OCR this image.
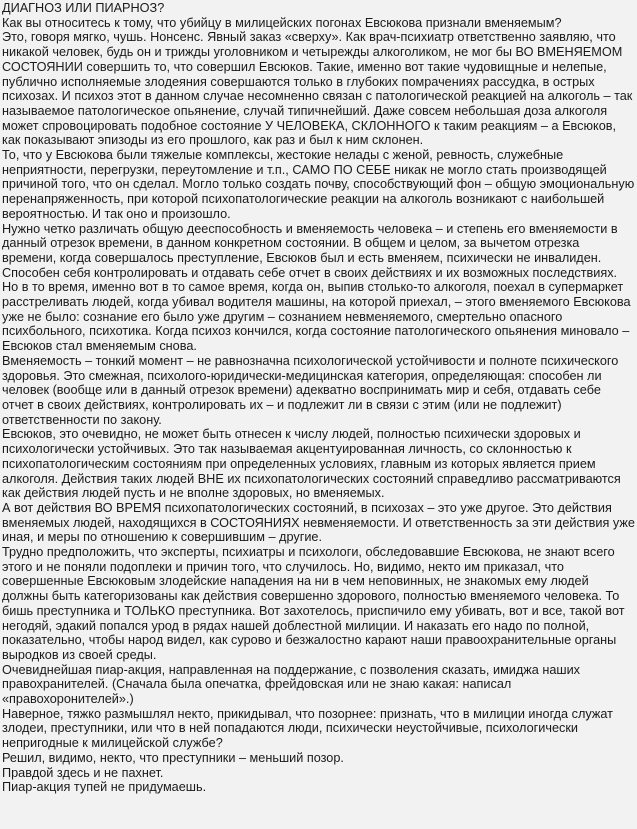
ДИАГНОЗ ИЛИ ПИАРНОЗ?

Как вы относитесь к тому, что убийцу в милицейских погонах Евсюкова признали вменяемым?

Это, говоря мягко, чушь. Нонсенс. Явный заказ «сверху». Как врач-психиатр ответственно заявляю, что никакой человек, будь он и трижды уголовником и четырежды алкоголиком, не мог бы ВО ВМЕНЯЕМОМ СОСТОЯНИИ совершить то, что совершил Евсюков. Такие, именно вот такие чудовищные и нелепые, публично исполняемые злодеяния совершаются только в глубоких помрачениях рассудка, в острых психозах. И психоз этот в данном случае несомненно связан с патологической реакцией на алкоголь – так называемое патологическое опьянение, случай типичнейший. Даже совсем небольшая доза алкоголя может спровоцировать подобное состояние У ЧЕЛОВЕКА, СКЛОННОГО к таким реакциям – а Евсюков, как показывают эпизоды из его прошлого, как раз и был к ним склонен.

То, что у Евсюкова были тяжелые комплексы, жестокие нелады с женой, ревность, служебные неприятности, перегрузки, переутомление и т.п., САМО ПО СЕБЕ никак не могло стать производящей причиной того, что он сделал. Могло только создать почву, способствующий фон – общую эмоциональную перенапряженность, при которой психопатологические реакции на алкоголь возникают с наибольшей вероятностью. И так оно и произошло.

Нужно четко различать общую дееспособность и вменяемость человека – и степень его вменяемости в данный отрезок времени, в данном конкретном состоянии. В общем и целом, за вычетом отрезка времени, когда совершалось преступление, Евсюков был и есть вменяем, психически не инвалиден. Способен себя контролировать и отдавать себе отчет в своих действиях и их возможных последствиях. Но в то время, именно вот в то самое время, когда он, выпив столько-то алкоголя, поехал в супермаркет расстреливать людей, когда убивал водителя машины, на которой приехал, – этого вменяемого Евсюкова уже не было: сознание его было уже другим – сознанием невменяемого, смертельно опасного психбольного, психотика. Когда психоз кончился, когда состояние патологического опьянения миновало – Евсюков стал вменяемым снова.

Вменяемость – тонкий момент – не равнозначна психологической устойчивости и полноте психического здоровья. Это смежная, психолого-юридически-медицинская категория, определяющая: способен ли человек (вообще или в данный отрезок времени) адекватно воспринимать мир и себя, отдавать себе отчет в своих действиях, контролировать их – и подлежит ли в связи с этим (или не подлежит) ответственности по закону.

Евсюков, это очевидно, не может быть отнесен к числу людей, полностью психически здоровых и психологически устойчивых. Это так называемая акцентуированная личность, со склонностью к психопатологическим состояниям при определенных условиях, главным из которых является прием алкоголя. Действия таких людей ВНЕ их психопатологических состояний справедливо рассматриваются как действия людей пусть и не вполне здоровых, но вменяемых.

А вот действия ВО ВРЕМЯ психопатологических состояний, в психозах – это уже другое. Это действия вменяемых людей, находящихся в СОСТОЯНИЯХ невменяемости. И ответственность за эти действия уже иная, и меры по отношению к совершившим – другие.

Трудно предположить, что эксперты, психиатры и психологи, обследовавшие Евсюкова, не знают всего этого и не поняли подоплеки и причин того, что случилось. Но, видимо, некто им приказал, что совершенные Евсюковым злодейские нападения на ни в чем неповинных, не знакомых ему людей должны быть категоризованы как действия совершенно здорового, полностью вменяемого человека. То бишь преступника и ТОЛЬКО преступника. Вот захотелось, приспичило ему убивать, вот и все, такой вот негодяй, эдакий попался урод в рядах нашей доблестной милиции. И наказать его надо по полной, показательно, чтобы народ видел, как сурово и безжалостно карают наши правоохранительные органы выродков из своей среды.

Очевиднейшая пиар-акция, направленная на поддержание, с позволения сказать, имиджа наших правохранителей. (Сначала была опечатка, фрейдовская или не знаю какая: написал «правохоронителей».)

Наверное, тяжко размышлял некто, прикидывал, что позорнее: признать, что в милиции иногда служат злодеи, преступники, или что в ней попадаются люди, психически неустойчивые, психологически непригодные к милицейской службе?

Решил, видимо, некто, что преступники – меньший позор.

Правдой здесь и не пахнет.

Пиар-акция тупей не придумаешь.
